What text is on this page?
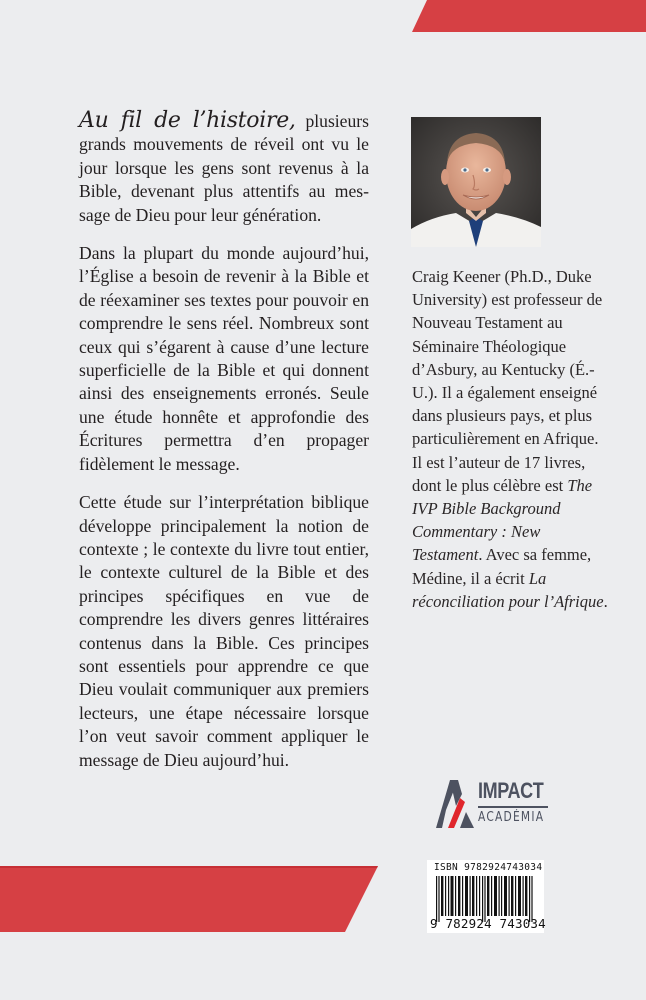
Au fil de l’histoire, plusieurs grands mouvements de réveil ont vu le jour lorsque les gens sont revenus à la Bible, devenant plus attentifs au message de Dieu pour leur génération.

Dans la plupart du monde aujourd’hui, l’Église a besoin de revenir à la Bible et de réexaminer ses textes pour pouvoir en comprendre le sens réel. Nombreux sont ceux qui s’égarent à cause d’une lecture superficielle de la Bible et qui donnent ainsi des enseignements erronés. Seule une étude honnête et approfondie des Écritures permettra d’en propager fidèlement le message.

Cette étude sur l’interprétation biblique développe principalement la notion de contexte ; le contexte du livre tout entier, le contexte culturel de la Bible et des principes spécifiques en vue de comprendre les divers genres littéraires contenus dans la Bible. Ces principes sont essentiels pour apprendre ce que Dieu voulait communiquer aux premiers lecteurs, une étape nécessaire lorsque l’on veut savoir comment appliquer le message de Dieu aujourd’hui.

Craig Keener (Ph.D., Duke University) est professeur de Nouveau Testament au Séminaire Théologique d’Asbury, au Kentucky (É.-U.). Il a également enseigné dans plusieurs pays, et plus particulièrement en Afrique. Il est l’auteur de 17 livres, dont le plus célèbre est The IVP Bible Background Commentary : New Testament. Avec sa femme, Médine, il a écrit La réconciliation pour l’Afrique.
IMPACT
ACADÉMIA
ISBN 9782924743034
9 782924 743034
